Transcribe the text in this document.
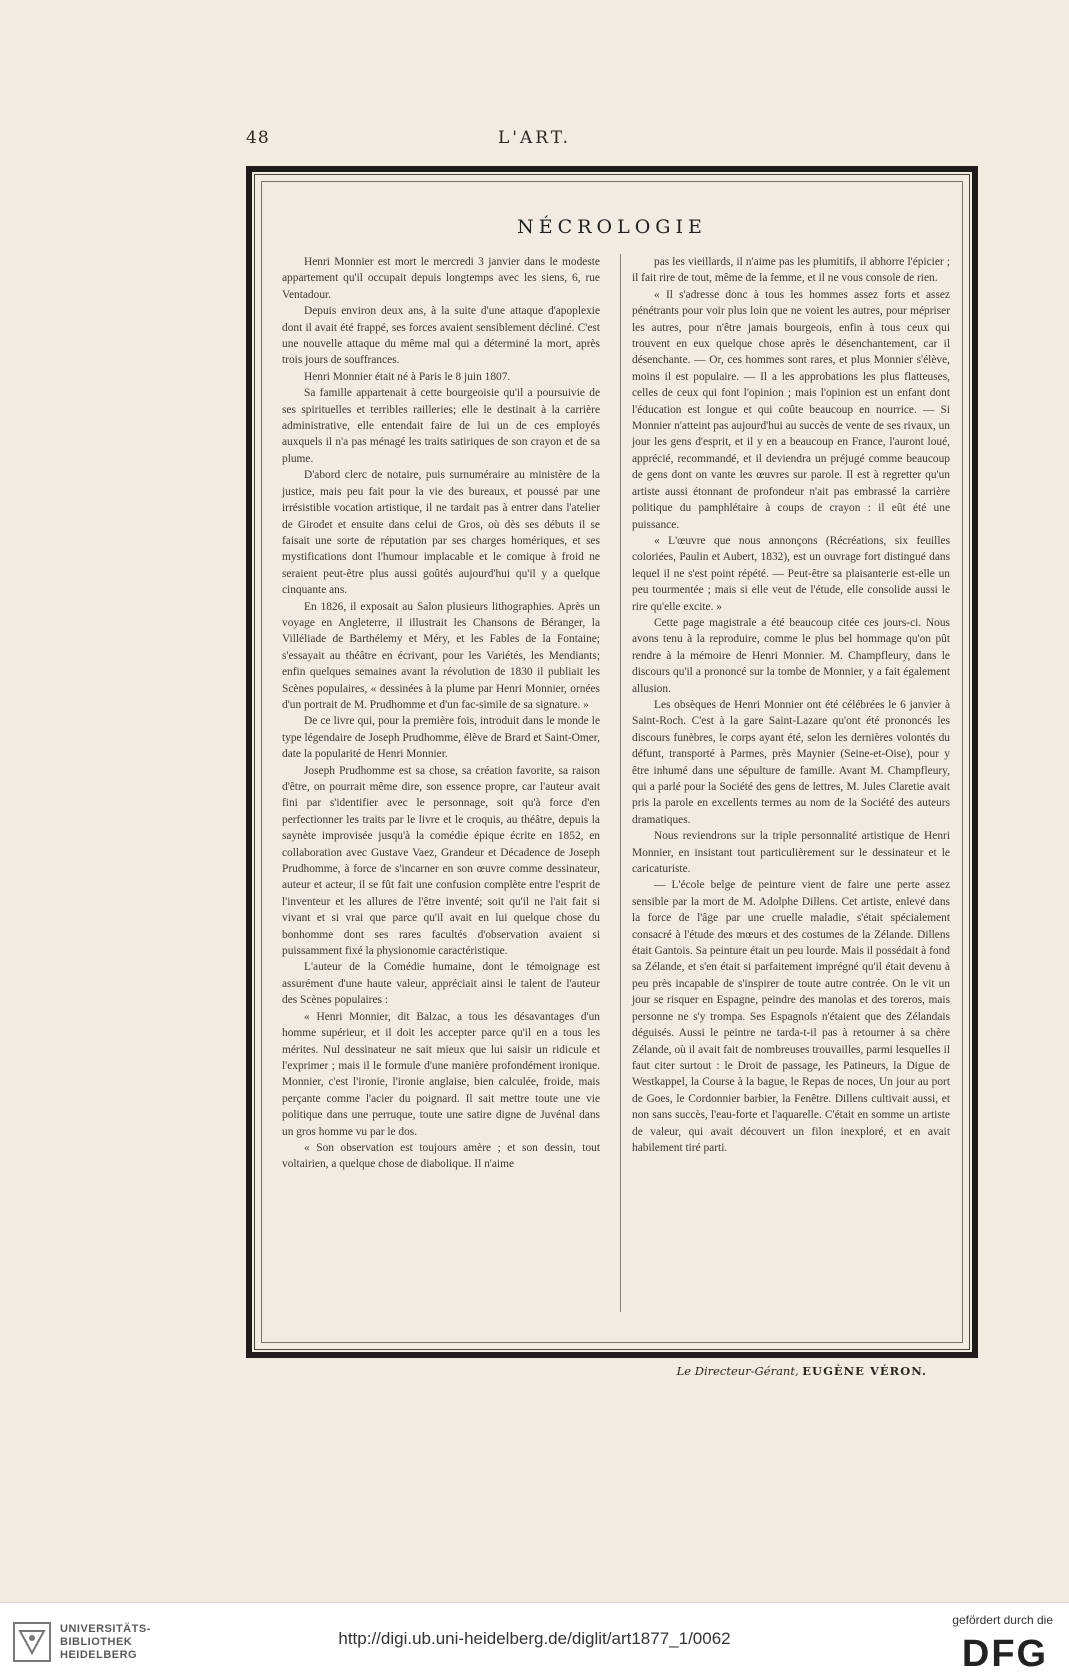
48	L'ART.
NÉCROLOGIE

Henri Monnier est mort le mercredi 3 janvier dans le modeste appartement qu'il occupait depuis longtemps avec les siens, 6, rue Ventadour.

Depuis environ deux ans, à la suite d'une attaque d'apoplexie dont il avait été frappé, ses forces avaient sensiblement décliné. C'est une nouvelle attaque du même mal qui a déterminé la mort, après trois jours de souffrances.

Henri Monnier était né à Paris le 8 juin 1807.

Sa famille appartenait à cette bourgeoisie qu'il a poursuivie de ses spirituelles et terribles railleries; elle le destinait à la carrière administrative, elle entendait faire de lui un de ces employés auxquels il n'a pas ménagé les traits satiriques de son crayon et de sa plume.

D'abord clerc de notaire, puis surnuméraire au ministère de la justice, mais peu fait pour la vie des bureaux, et poussé par une irrésistible vocation artistique, il ne tardait pas à entrer dans l'atelier de Girodet et ensuite dans celui de Gros, où dès ses débuts il se faisait une sorte de réputation par ses charges homériques, et ses mystifications dont l'humour implacable et le comique à froid ne seraient peut-être plus aussi goûtés aujourd'hui qu'il y a quelque cinquante ans.

En 1826, il exposait au Salon plusieurs lithographies. Après un voyage en Angleterre, il illustrait les Chansons de Béranger, la Villéliade de Barthélemy et Méry, et les Fables de la Fontaine; s'essayait au théâtre en écrivant, pour les Variétés, les Mendiants; enfin quelques semaines avant la révolution de 1830 il publiait les Scènes populaires, « dessinées à la plume par Henri Monnier, ornées d'un portrait de M. Prudhomme et d'un fac-simile de sa signature. »

De ce livre qui, pour la première fois, introduit dans le monde le type légendaire de Joseph Prudhomme, élève de Brard et Saint-Omer, date la popularité de Henri Monnier.

Joseph Prudhomme est sa chose, sa création favorite, sa raison d'être, on pourrait même dire, son essence propre, car l'auteur avait fini par s'identifier avec le personnage, soit qu'à force d'en perfectionner les traits par le livre et le croquis, au théâtre, depuis la saynète improvisée jusqu'à la comédie épique écrite en 1852, en collaboration avec Gustave Vaez, Grandeur et Décadence de Joseph Prudhomme, à force de s'incarner en son œuvre comme dessinateur, auteur et acteur, il se fût fait une confusion complète entre l'esprit de l'inventeur et les allures de l'être inventé; soit qu'il ne l'ait fait si vivant et si vrai que parce qu'il avait en lui quelque chose du bonhomme dont ses rares facultés d'observation avaient si puissamment fixé la physionomie caractéristique.

L'auteur de la Comédie humaine, dont le témoignage est assurément d'une haute valeur, appréciait ainsi le talent de l'auteur des Scènes populaires :

« Henri Monnier, dit Balzac, a tous les désavantages d'un homme supérieur, et il doit les accepter parce qu'il en a tous les mérites. Nul dessinateur ne sait mieux que lui saisir un ridicule et l'exprimer ; mais il le formule d'une manière profondément ironique. Monnier, c'est l'ironie, l'ironie anglaise, bien calculée, froide, mais perçante comme l'acier du poignard. Il sait mettre toute une vie politique dans une perruque, toute une satire digne de Juvénal dans un gros homme vu par le dos.

« Son observation est toujours amère ; et son dessin, tout voltairien, a quelque chose de diabolique. Il n'aime

pas les vieillards, il n'aime pas les plumitifs, il abhorre l'épicier ; il fait rire de tout, même de la femme, et il ne vous console de rien.

« Il s'adresse donc à tous les hommes assez forts et assez pénétrants pour voir plus loin que ne voient les autres, pour mépriser les autres, pour n'être jamais bourgeois, enfin à tous ceux qui trouvent en eux quelque chose après le désenchantement, car il désenchante. — Or, ces hommes sont rares, et plus Monnier s'élève, moins il est populaire. — Il a les approbations les plus flatteuses, celles de ceux qui font l'opinion ; mais l'opinion est un enfant dont l'éducation est longue et qui coûte beaucoup en nourrice. — Si Monnier n'atteint pas aujourd'hui au succès de vente de ses rivaux, un jour les gens d'esprit, et il y en a beaucoup en France, l'auront loué, apprécié, recommandé, et il deviendra un préjugé comme beaucoup de gens dont on vante les œuvres sur parole. Il est à regretter qu'un artiste aussi étonnant de profondeur n'ait pas embrassé la carrière politique du pamphlétaire à coups de crayon : il eût été une puissance.

« L'œuvre que nous annonçons (Récréations, six feuilles coloriées, Paulin et Aubert, 1832), est un ouvrage fort distingué dans lequel il ne s'est point répété. — Peut-être sa plaisanterie est-elle un peu tourmentée ; mais si elle veut de l'étude, elle consolide aussi le rire qu'elle excite. »

Cette page magistrale a été beaucoup citée ces jours-ci. Nous avons tenu à la reproduire, comme le plus bel hommage qu'on pût rendre à la mémoire de Henri Monnier. M. Champfleury, dans le discours qu'il a prononcé sur la tombe de Monnier, y a fait également allusion.

Les obsèques de Henri Monnier ont été célébrées le 6 janvier à Saint-Roch. C'est à la gare Saint-Lazare qu'ont été prononcés les discours funèbres, le corps ayant été, selon les dernières volontés du défunt, transporté à Parmes, près Maynier (Seine-et-Oise), pour y être inhumé dans une sépulture de famille. Avant M. Champfleury, qui a parlé pour la Société des gens de lettres, M. Jules Claretie avait pris la parole en excellents termes au nom de la Société des auteurs dramatiques.

Nous reviendrons sur la triple personnalité artistique de Henri Monnier, en insistant tout particulièrement sur le dessinateur et le caricaturiste.

— L'école belge de peinture vient de faire une perte assez sensible par la mort de M. Adolphe Dillens. Cet artiste, enlevé dans la force de l'âge par une cruelle maladie, s'était spécialement consacré à l'étude des mœurs et des costumes de la Zélande. Dillens était Gantois. Sa peinture était un peu lourde. Mais il possédait à fond sa Zélande, et s'en était si parfaitement imprégné qu'il était devenu à peu près incapable de s'inspirer de toute autre contrée. On le vit un jour se risquer en Espagne, peindre des manolas et des toreros, mais personne ne s'y trompa. Ses Espagnols n'étaient que des Zélandais déguisés. Aussi le peintre ne tarda-t-il pas à retourner à sa chère Zélande, où il avait fait de nombreuses trouvailles, parmi lesquelles il faut citer surtout : le Droit de passage, les Patineurs, la Digue de Westkappel, la Course à la bague, le Repas de noces, Un jour au port de Goes, le Cordonnier barbier, la Fenêtre. Dillens cultivait aussi, et non sans succès, l'eau-forte et l'aquarelle. C'était en somme un artiste de valeur, qui avait découvert un filon inexploré, et en avait habilement tiré parti.

Le Directeur-Gérant, EUGÈNE VÉRON.
UNIVERSITÄTS-
BIBLIOTHEK
HEIDELBERG
http://digi.ub.uni-heidelberg.de/diglit/art1877_1/0062
gefördert durch die
DFG
